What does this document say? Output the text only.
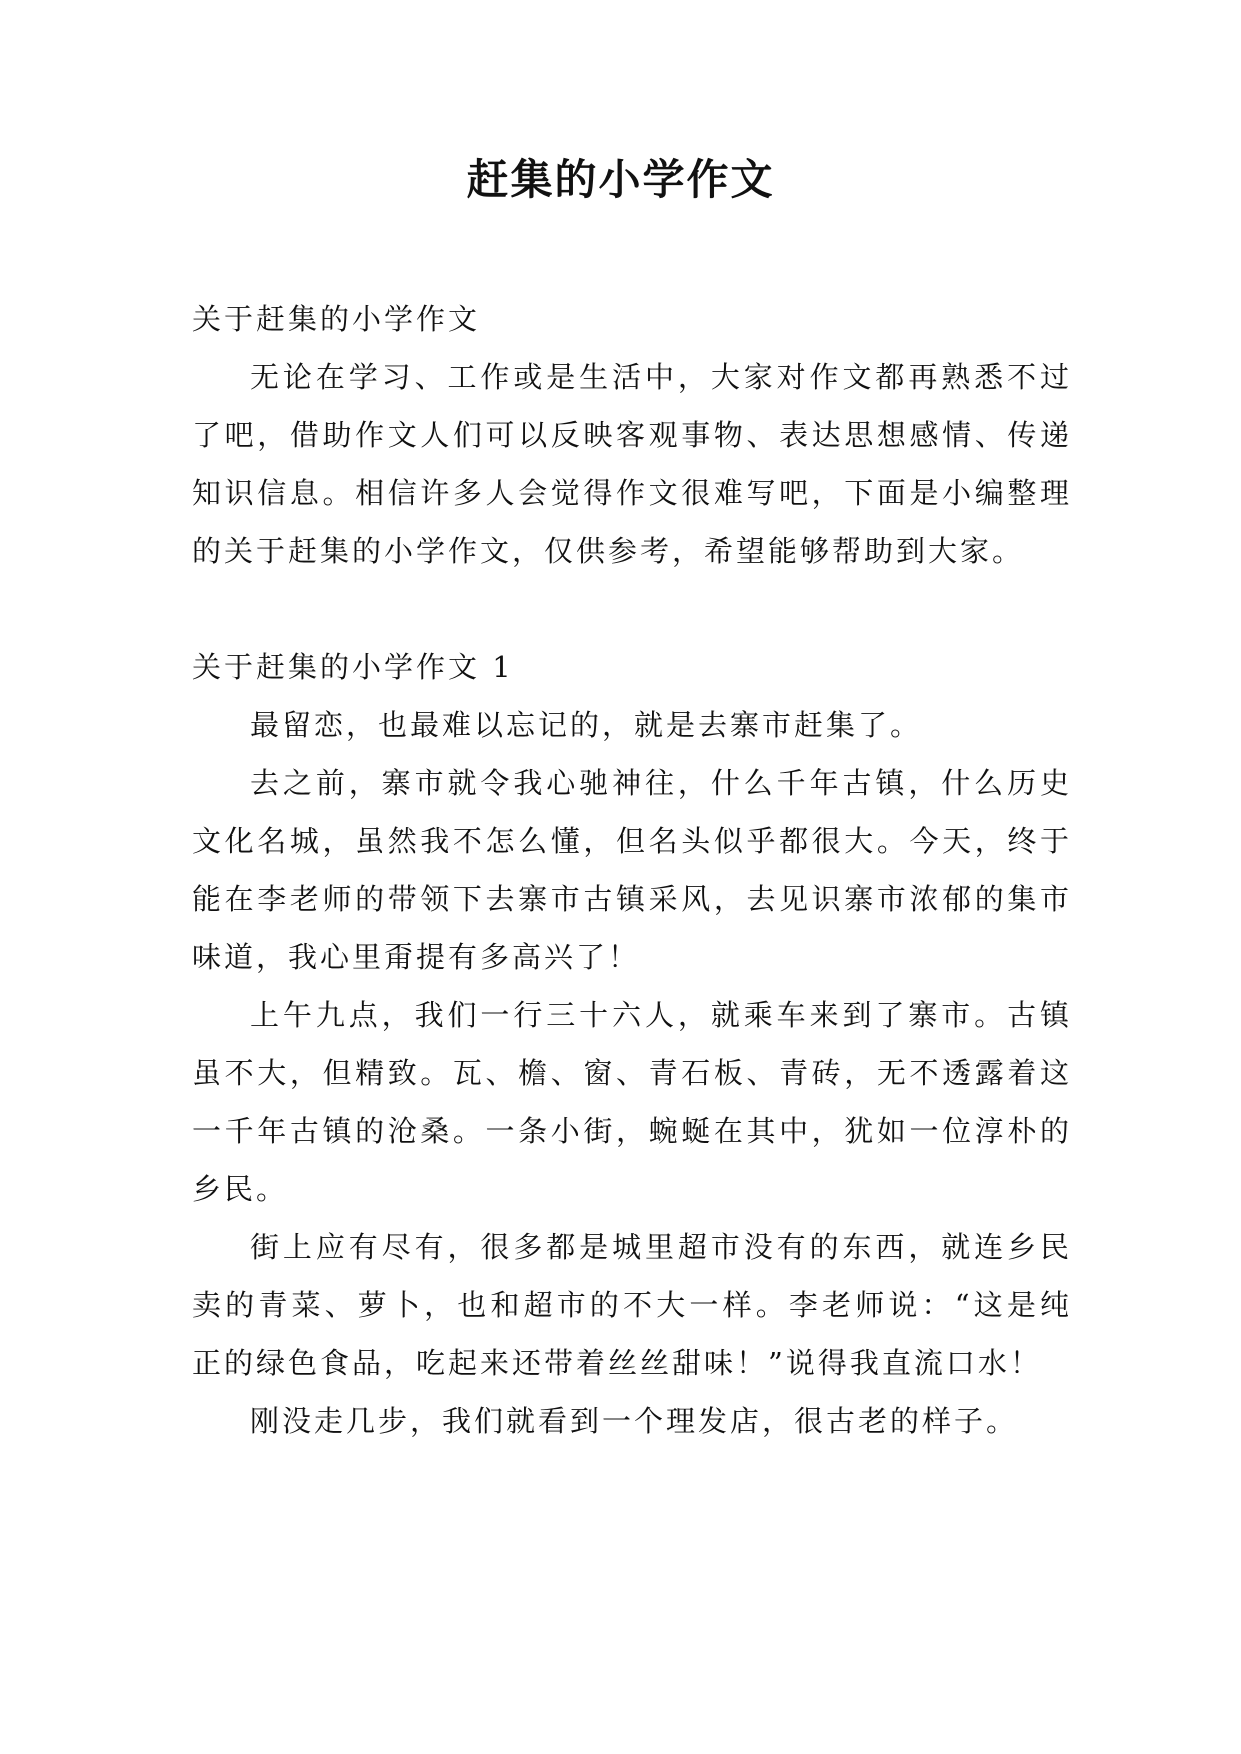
赶集的小学作文

关于赶集的小学作文

无论在学习、工作或是生活中，大家对作文都再熟悉不过了吧，借助作文人们可以反映客观事物、表达思想感情、传递知识信息。相信许多人会觉得作文很难写吧，下面是小编整理的关于赶集的小学作文，仅供参考，希望能够帮助到大家。

关于赶集的小学作文 1

最留恋，也最难以忘记的，就是去寨市赶集了。

去之前，寨市就令我心驰神往，什么千年古镇，什么历史文化名城，虽然我不怎么懂，但名头似乎都很大。今天，终于能在李老师的带领下去寨市古镇采风，去见识寨市浓郁的集市味道，我心里甭提有多高兴了！

上午九点，我们一行三十六人，就乘车来到了寨市。古镇虽不大，但精致。瓦、檐、窗、青石板、青砖，无不透露着这一千年古镇的沧桑。一条小街，蜿蜒在其中，犹如一位淳朴的乡民。

街上应有尽有，很多都是城里超市没有的东西，就连乡民卖的青菜、萝卜，也和超市的不大一样。李老师说：“这是纯正的绿色食品，吃起来还带着丝丝甜味！”说得我直流口水！

刚没走几步，我们就看到一个理发店，很古老的样子。
